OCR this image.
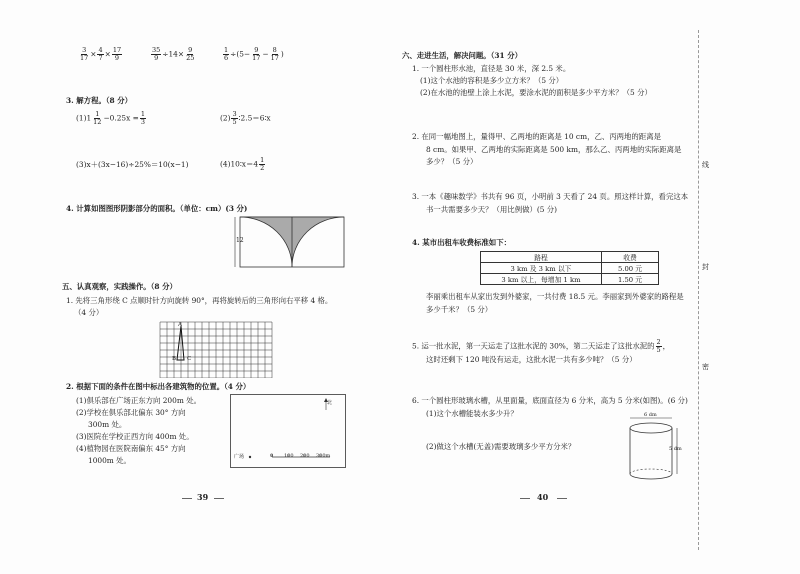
$\frac{3}{17} \times \frac{4}{7} \times \frac{17}{9}$	$\frac{35}{9} \div 14\times \frac{9}{25}$	$\frac{1}{6} \div(5- \frac{9}{17} - \frac{8}{17}$ )
3. 解方程。（8 分）
$(1)1 \frac{1}{12} -0.25x = \frac{1}{3}$	$(2) \frac{3}{5}$ ∶2.5＝6∶x
(3)x＋(3x−16)÷25%＝10(x−1)	(4)10∶x＝4 $\frac{1}{2}$
4. 计算如图图形阴影部分的面积。（单位：cm）(3 分)
12
五、认真观察，实践操作。（8 分）
1. 先将三角形绕 C 点顺时针方向旋转 90°，再将旋转后的三角形向右平移 4 格。
（4 分）
A
B C
2. 根据下面的条件在图中标出各建筑物的位置。（4 分）
(1)俱乐部在广场正东方向 200m 处。
(2)学校在俱乐部北偏东 30° 方向
300m 处。
(3)医院在学校正西方向 400m 处。
(4)植物园在医院南偏东 45° 方向
1000m 处。
北
广场	0 100 200 300m
39
六、走进生活，解决问题。（31 分）
1. 一个圆柱形水池，直径是 30 米，深 2.5 米。
(1)这个水池的容积是多少立方米？（5 分）
(2)在水池的池壁上涂上水泥，要涂水泥的面积是多少平方米？（5 分）
2. 在同一幅地图上，量得甲、乙两地的距离是 10 cm，乙、丙两地的距离是
8 cm。如果甲、乙两地的实际距离是 500 km，那么乙、丙两地的实际距离是
多少？（5 分）
3. 一本《趣味数学》书共有 96 页，小明前 3 天看了 24 页。照这样计算，看完这本
书一共需要多少天？（用比例做）(5 分)
4. 某市出租车收费标准如下：
路程	收费
3 km 及 3 km 以下	5.00 元
3 km 以上，每增加 1 km	1.50 元
李丽乘出租车从家出发到外婆家，一共付费 18.5 元。李丽家到外婆家的路程是
多少千米？（5 分）
5. 运一批水泥，第一天运走了这批水泥的 30%，第二天运走了这批水泥的 $\frac{2}{5}$ ，
这时还剩下 120 吨没有运走，这批水泥一共有多少吨？（5 分）
6. 一个圆柱形玻璃水槽，从里面量，底面直径为 6 分米，高为 5 分米(如图)。(6 分)
(1)这个水槽能装水多少升？
(2)做这个水槽(无盖)需要玻璃多少平方分米？
6 dm
5 dm
40
线
封
密
